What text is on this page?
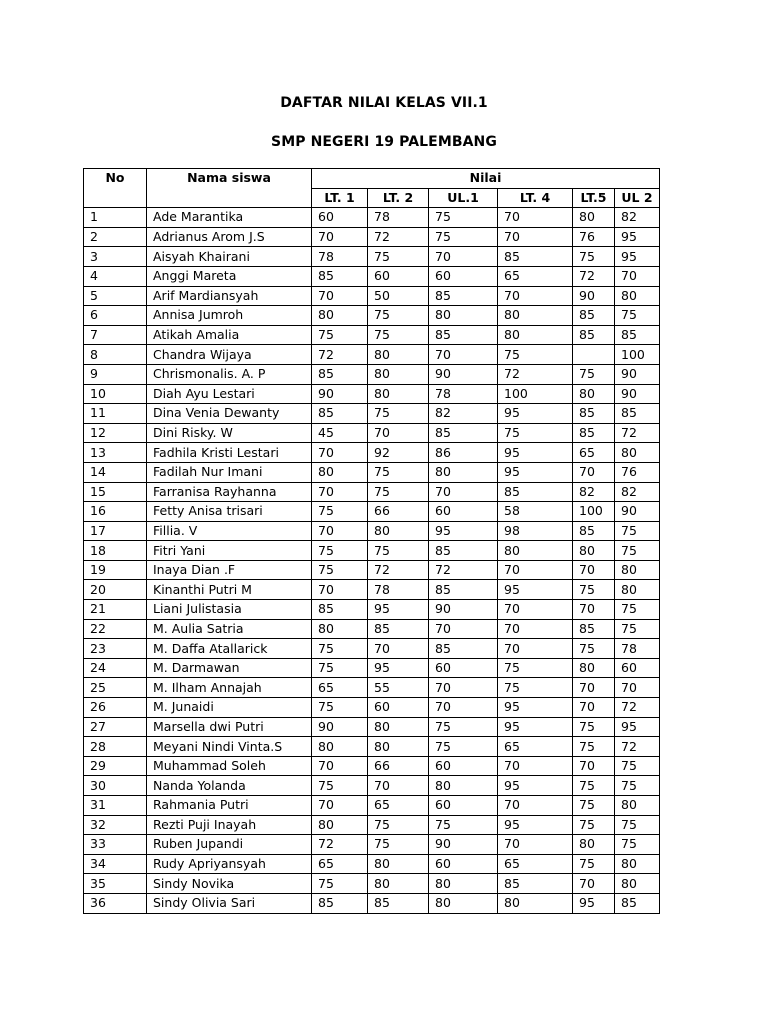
DAFTAR NILAI KELAS VII.1
SMP NEGERI 19 PALEMBANG
No	Nama siswa	Nilai					
		LT. 1	LT. 2	UL.1	LT. 4	LT.5	UL 2
1	Ade Marantika	60	78	75	70	80	82
2	Adrianus Arom J.S	70	72	75	70	76	95
3	Aisyah Khairani	78	75	70	85	75	95
4	Anggi Mareta	85	60	60	65	72	70
5	Arif Mardiansyah	70	50	85	70	90	80
6	Annisa Jumroh	80	75	80	80	85	75
7	Atikah Amalia	75	75	85	80	85	85
8	Chandra Wijaya	72	80	70	75		100
9	Chrismonalis. A. P	85	80	90	72	75	90
10	Diah Ayu Lestari	90	80	78	100	80	90
11	Dina Venia Dewanty	85	75	82	95	85	85
12	Dini Risky. W	45	70	85	75	85	72
13	Fadhila Kristi Lestari	70	92	86	95	65	80
14	Fadilah Nur Imani	80	75	80	95	70	76
15	Farranisa Rayhanna	70	75	70	85	82	82
16	Fetty Anisa trisari	75	66	60	58	100	90
17	Fillia. V	70	80	95	98	85	75
18	Fitri Yani	75	75	85	80	80	75
19	Inaya Dian .F	75	72	72	70	70	80
20	Kinanthi Putri M	70	78	85	95	75	80
21	Liani Julistasia	85	95	90	70	70	75
22	M. Aulia Satria	80	85	70	70	85	75
23	M. Daffa Atallarick	75	70	85	70	75	78
24	M. Darmawan	75	95	60	75	80	60
25	M. Ilham Annajah	65	55	70	75	70	70
26	M. Junaidi	75	60	70	95	70	72
27	Marsella dwi Putri	90	80	75	95	75	95
28	Meyani Nindi Vinta.S	80	80	75	65	75	72
29	Muhammad Soleh	70	66	60	70	70	75
30	Nanda Yolanda	75	70	80	95	75	75
31	Rahmania Putri	70	65	60	70	75	80
32	Rezti Puji Inayah	80	75	75	95	75	75
33	Ruben Jupandi	72	75	90	70	80	75
34	Rudy Apriyansyah	65	80	60	65	75	80
35	Sindy Novika	75	80	80	85	70	80
36	Sindy Olivia Sari	85	85	80	80	95	85
